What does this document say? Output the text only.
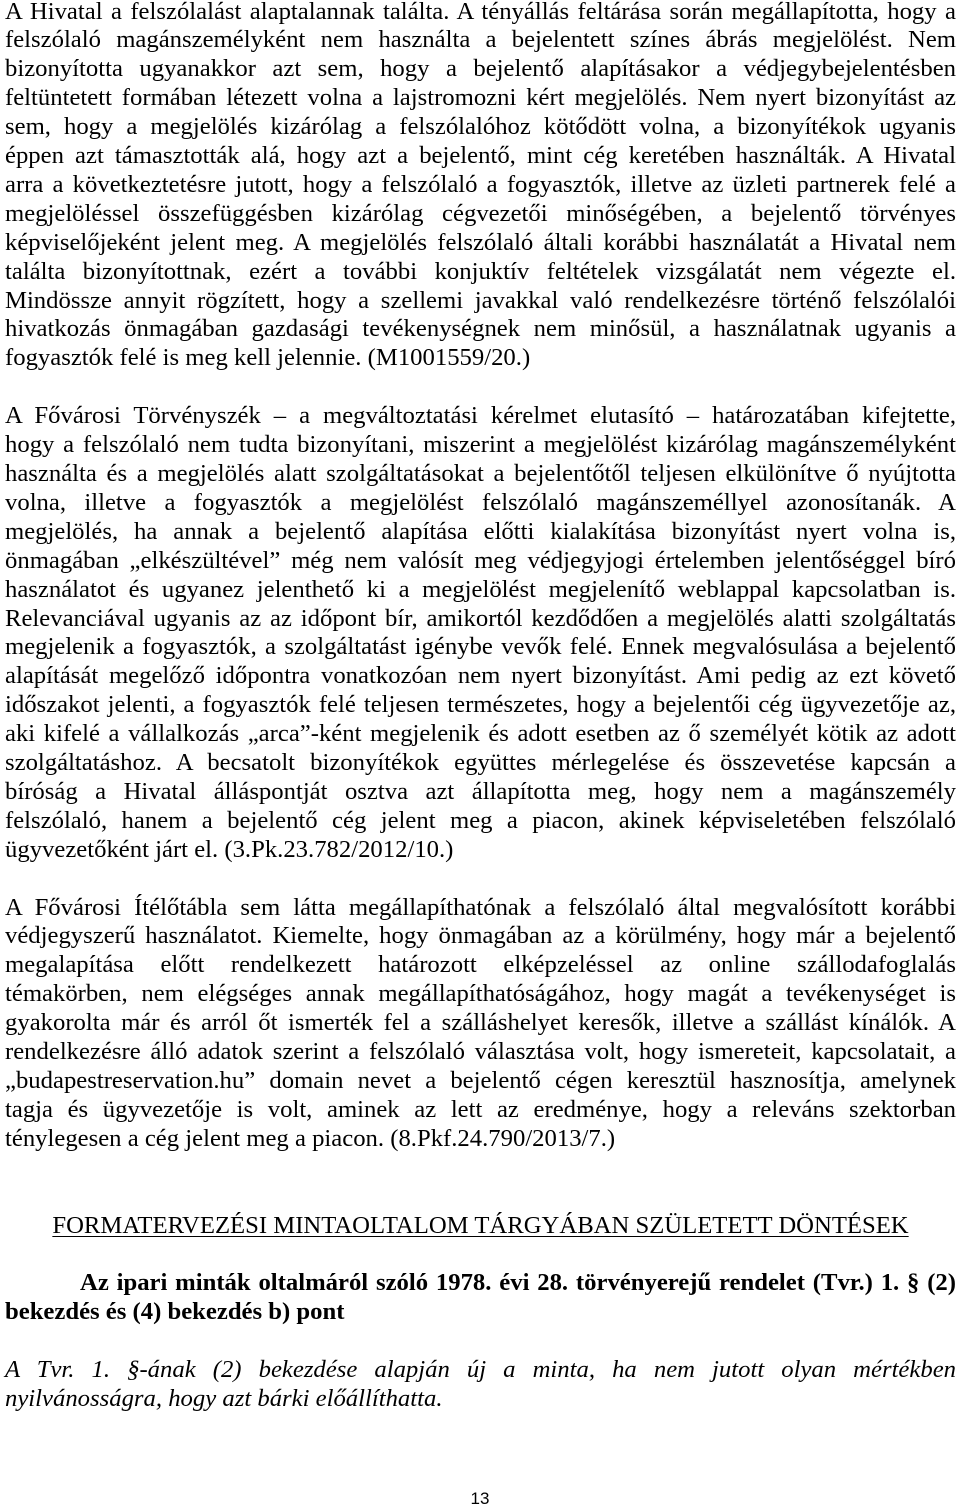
A Hivatal a felszólalást alaptalannak találta. A tényállás feltárása során megállapította, hogy a
felszólaló magánszemélyként nem használta a bejelentett színes ábrás megjelölést. Nem
bizonyította ugyanakkor azt sem, hogy a bejelentő alapításakor a védjegybejelentésben
feltüntetett formában létezett volna a lajstromozni kért megjelölés. Nem nyert bizonyítást az
sem, hogy a megjelölés kizárólag a felszólalóhoz kötődött volna, a bizonyítékok ugyanis
éppen azt támasztották alá, hogy azt a bejelentő, mint cég keretében használták. A Hivatal
arra a következtetésre jutott, hogy a felszólaló a fogyasztók, illetve az üzleti partnerek felé a
megjelöléssel összefüggésben kizárólag cégvezetői minőségében, a bejelentő törvényes
képviselőjeként jelent meg. A megjelölés felszólaló általi korábbi használatát a Hivatal nem
találta bizonyítottnak, ezért a további konjuktív feltételek vizsgálatát nem végezte el.
Mindössze annyit rögzített, hogy a szellemi javakkal való rendelkezésre történő felszólalói
hivatkozás önmagában gazdasági tevékenységnek nem minősül, a használatnak ugyanis a
fogyasztók felé is meg kell jelennie. (M1001559/20.)
A Fővárosi Törvényszék – a megváltoztatási kérelmet elutasító – határozatában kifejtette,
hogy a felszólaló nem tudta bizonyítani, miszerint a megjelölést kizárólag magánszemélyként
használta és a megjelölés alatt szolgáltatásokat a bejelentőtől teljesen elkülönítve ő nyújtotta
volna, illetve a fogyasztók a megjelölést felszólaló magánszeméllyel azonosítanák. A
megjelölés, ha annak a bejelentő alapítása előtti kialakítása bizonyítást nyert volna is,
önmagában „elkészültével” még nem valósít meg védjegyjogi értelemben jelentőséggel bíró
használatot és ugyanez jelenthető ki a megjelölést megjelenítő weblappal kapcsolatban is.
Relevanciával ugyanis az az időpont bír, amikortól kezdődően a megjelölés alatti szolgáltatás
megjelenik a fogyasztók, a szolgáltatást igénybe vevők felé. Ennek megvalósulása a bejelentő
alapítását megelőző időpontra vonatkozóan nem nyert bizonyítást. Ami pedig az ezt követő
időszakot jelenti, a fogyasztók felé teljesen természetes, hogy a bejelentői cég ügyvezetője az,
aki kifelé a vállalkozás „arca”-ként megjelenik és adott esetben az ő személyét kötik az adott
szolgáltatáshoz. A becsatolt bizonyítékok együttes mérlegelése és összevetése kapcsán a
bíróság a Hivatal álláspontját osztva azt állapította meg, hogy nem a magánszemély
felszólaló, hanem a bejelentő cég jelent meg a piacon, akinek képviseletében felszólaló
ügyvezetőként járt el. (3.Pk.23.782/2012/10.)
A Fővárosi Ítélőtábla sem látta megállapíthatónak a felszólaló által megvalósított korábbi
védjegyszerű használatot. Kiemelte, hogy önmagában az a körülmény, hogy már a bejelentő
megalapítása előtt rendelkezett határozott elképzeléssel az online szállodafoglalás
témakörben, nem elégséges annak megállapíthatóságához, hogy magát a tevékenységet is
gyakorolta már és arról őt ismerték fel a szálláshelyet keresők, illetve a szállást kínálók. A
rendelkezésre álló adatok szerint a felszólaló választása volt, hogy ismereteit, kapcsolatait, a
„budapestreservation.hu” domain nevet a bejelentő cégen keresztül hasznosítja, amelynek
tagja és ügyvezetője is volt, aminek az lett az eredménye, hogy a releváns szektorban
ténylegesen a cég jelent meg a piacon. (8.Pkf.24.790/2013/7.)
FORMATERVEZÉSI MINTAOLTALOM TÁRGYÁBAN SZÜLETETT DÖNTÉSEK
Az ipari minták oltalmáról szóló 1978. évi 28. törvényerejű rendelet (Tvr.) 1. § (2)
bekezdés és (4) bekezdés b) pont
A Tvr. 1. §-ának (2) bekezdése alapján új a minta, ha nem jutott olyan mértékben
nyilvánosságra, hogy azt bárki előállíthatta.
13
